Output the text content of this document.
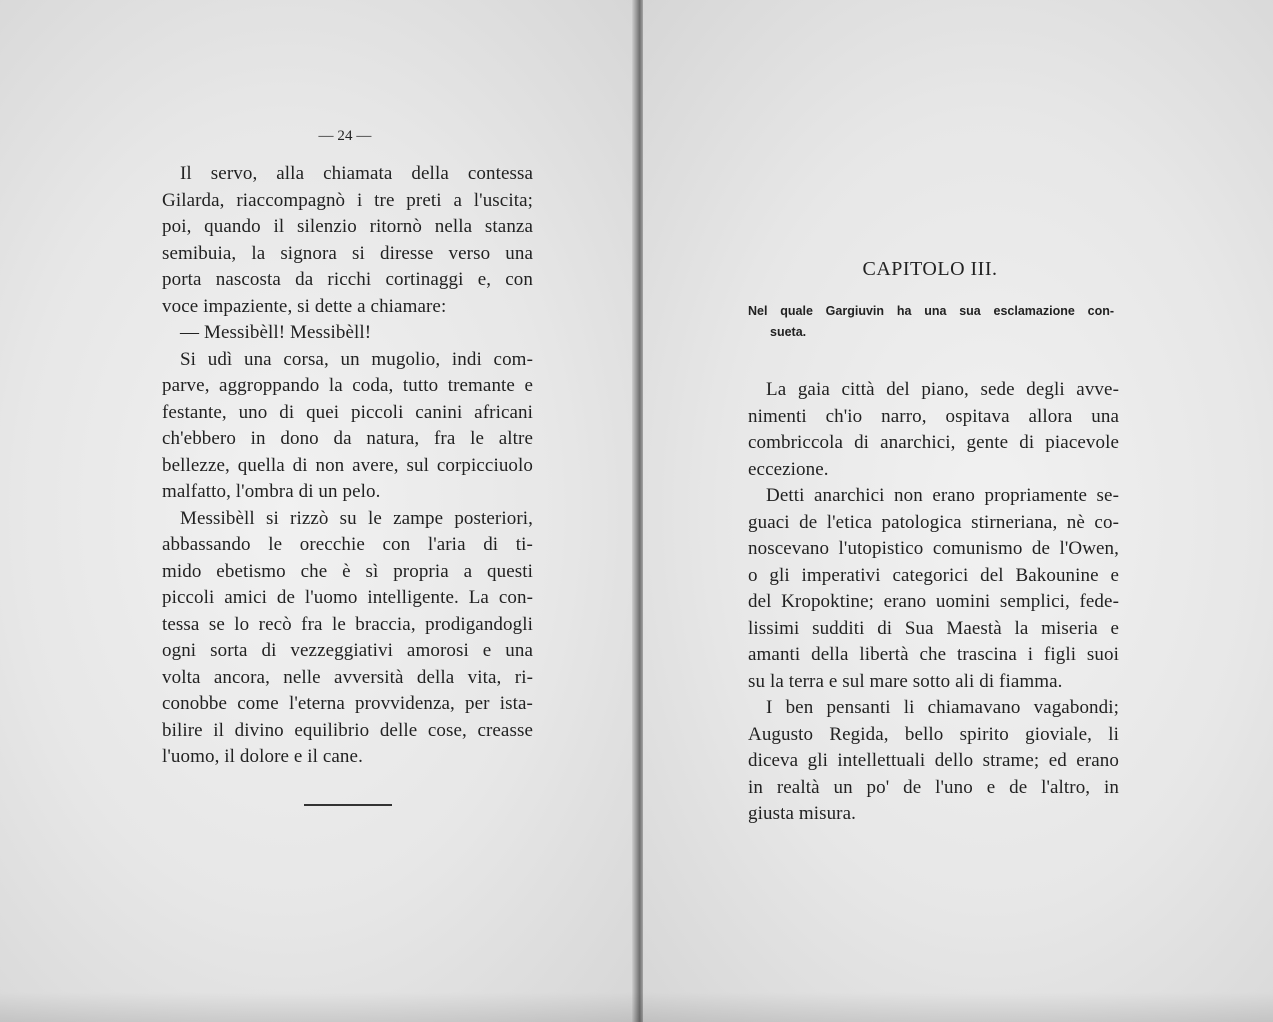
— 24 —
Il servo, alla chiamata della contessa
Gilarda, riaccompagnò i tre preti a l'uscita;
poi, quando il silenzio ritornò nella stanza
semibuia, la signora si diresse verso una
porta nascosta da ricchi cortinaggi e, con
voce impaziente, si dette a chiamare:
— Messibèll! Messibèll!
Si udì una corsa, un mugolio, indi com-
parve, aggroppando la coda, tutto tremante e
festante, uno di quei piccoli canini africani
ch'ebbero in dono da natura, fra le altre
bellezze, quella di non avere, sul corpicciuolo
malfatto, l'ombra di un pelo.
Messibèll si rizzò su le zampe posteriori,
abbassando le orecchie con l'aria di ti-
mido ebetismo che è sì propria a questi
piccoli amici de l'uomo intelligente. La con-
tessa se lo recò fra le braccia, prodigandogli
ogni sorta di vezzeggiativi amorosi e una
volta ancora, nelle avversità della vita, ri-
conobbe come l'eterna provvidenza, per ista-
bilire il divino equilibrio delle cose, creasse
l'uomo, il dolore e il cane.
CAPITOLO III.
Nel quale Gargiuvin ha una sua esclamazione con-
sueta.
La gaia città del piano, sede degli avve-
nimenti ch'io narro, ospitava allora una
combriccola di anarchici, gente di piacevole
eccezione.
Detti anarchici non erano propriamente se-
guaci de l'etica patologica stirneriana, nè co-
noscevano l'utopistico comunismo de l'Owen,
o gli imperativi categorici del Bakounine e
del Kropoktine; erano uomini semplici, fede-
lissimi sudditi di Sua Maestà la miseria e
amanti della libertà che trascina i figli suoi
su la terra e sul mare sotto ali di fiamma.
I ben pensanti li chiamavano vagabondi;
Augusto Regida, bello spirito gioviale, li
diceva gli intellettuali dello strame; ed erano
in realtà un po' de l'uno e de l'altro, in
giusta misura.
